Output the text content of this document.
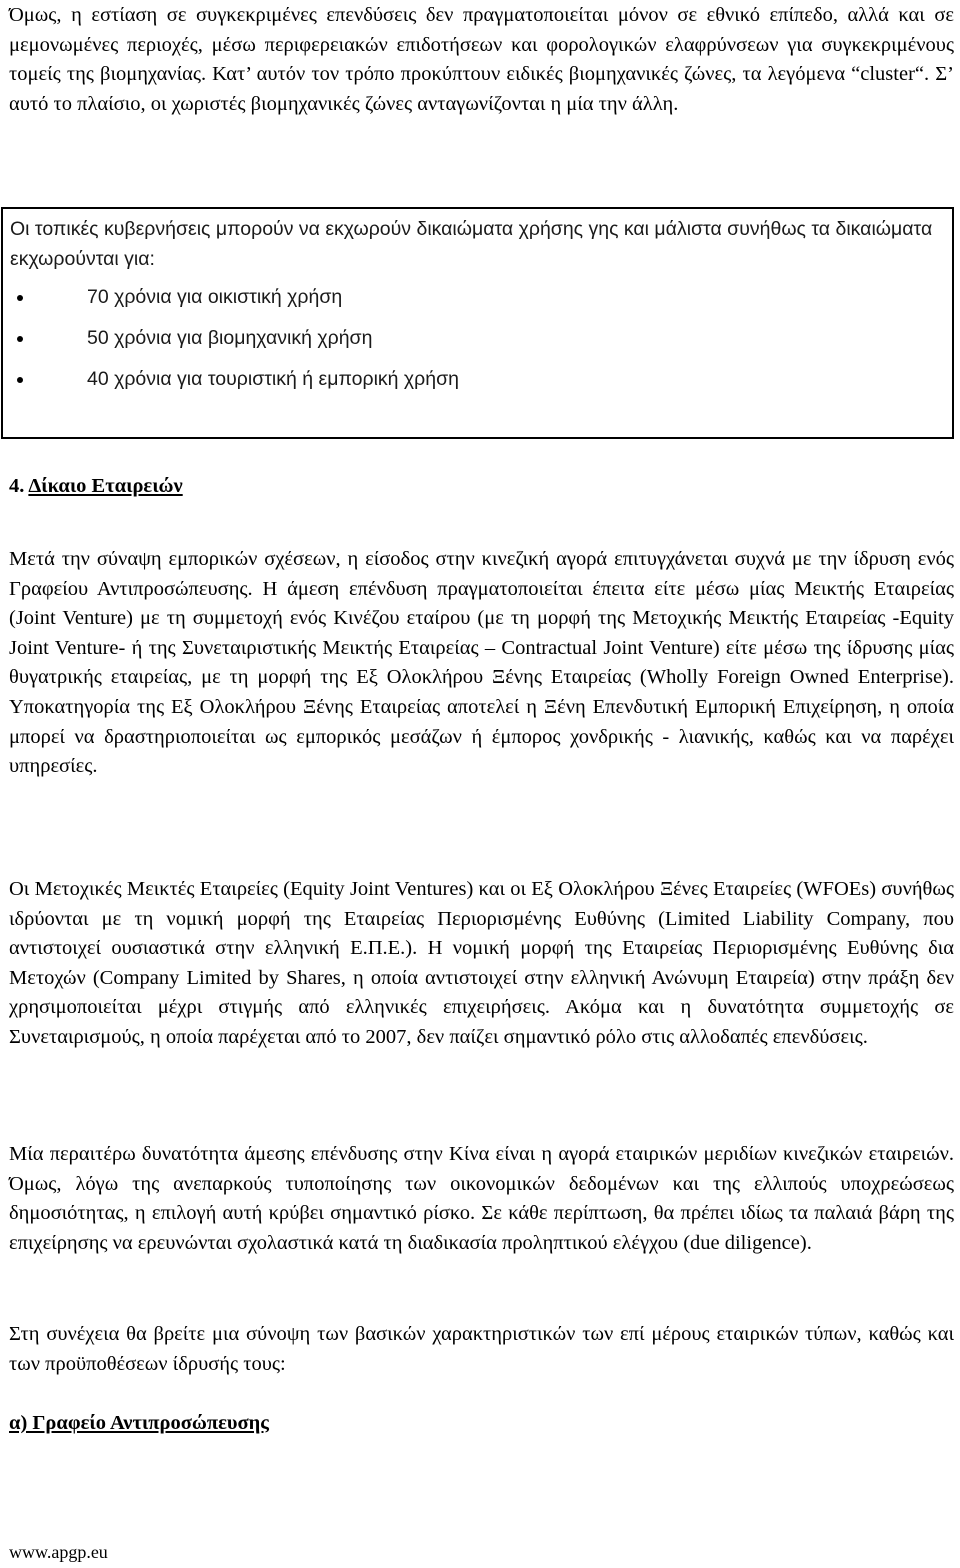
Όμως, η εστίαση σε συγκεκριμένες επενδύσεις δεν πραγματοποιείται μόνον σε εθνικό επίπεδο, αλλά και σε μεμονωμένες περιοχές, μέσω περιφερειακών επιδοτήσεων και φορολογικών ελαφρύνσεων για συγκεκριμένους τομείς της βιομηχανίας. Κατ’ αυτόν τον τρόπο προκύπτουν ειδικές βιομηχανικές ζώνες, τα λεγόμενα “cluster“. Σ’ αυτό το πλαίσιο, οι χωριστές βιομηχανικές ζώνες ανταγωνίζονται η μία την άλλη.

Οι τοπικές κυβερνήσεις μπορούν να εκχωρούν δικαιώματα χρήσης γης και μάλιστα συνήθως τα δικαιώματα εκχωρούνται για:

70 χρόνια για οικιστική χρήση
50 χρόνια για βιομηχανική χρήση
40 χρόνια για τουριστική ή εμπορική χρήση
4. Δίκαιο Εταιρειών

Μετά την σύναψη εμπορικών σχέσεων, η είσοδος στην κινεζική αγορά επιτυγχάνεται συχνά με την ίδρυση ενός Γραφείου Αντιπροσώπευσης. Η άμεση επένδυση πραγματοποιείται έπειτα είτε μέσω μίας Μεικτής Εταιρείας (Joint Venture) με τη συμμετοχή ενός Κινέζου εταίρου (με τη μορφή της Μετοχικής Μεικτής Εταιρείας -Equity Joint Venture- ή της Συνεταιριστικής Μεικτής Εταιρείας – Contractual Joint Venture) είτε μέσω της ίδρυσης μίας θυγατρικής εταιρείας, με τη μορφή της Εξ Ολοκλήρου Ξένης Εταιρείας (Wholly Foreign Owned Enterprise). Υποκατηγορία της Εξ Ολοκλήρου Ξένης Εταιρείας αποτελεί η Ξένη Επενδυτική Εμπορική Επιχείρηση, η οποία μπορεί να δραστηριοποιείται ως εμπορικός μεσάζων ή έμπορος χονδρικής - λιανικής, καθώς και να παρέχει υπηρεσίες.

Οι Μετοχικές Μεικτές Εταιρείες (Equity Joint Ventures) και οι Εξ Ολοκλήρου Ξένες Εταιρείες (WFOEs) συνήθως ιδρύονται με τη νομική μορφή της Εταιρείας Περιορισμένης Ευθύνης (Limited Liability Company, που αντιστοιχεί ουσιαστικά στην ελληνική Ε.Π.Ε.). Η νομική μορφή της Εταιρείας Περιορισμένης Ευθύνης δια Μετοχών (Company Limited by Shares, η οποία αντιστοιχεί στην ελληνική Ανώνυμη Εταιρεία) στην πράξη δεν χρησιμοποιείται μέχρι στιγμής από ελληνικές επιχειρήσεις. Ακόμα και η δυνατότητα συμμετοχής σε Συνεταιρισμούς, η οποία παρέχεται από το 2007, δεν παίζει σημαντικό ρόλο στις αλλοδαπές επενδύσεις.

Μία περαιτέρω δυνατότητα άμεσης επένδυσης στην Κίνα είναι η αγορά εταιρικών μεριδίων κινεζικών εταιρειών. Όμως, λόγω της ανεπαρκούς τυποποίησης των οικονομικών δεδομένων και της ελλιπούς υποχρεώσεως δημοσιότητας, η επιλογή αυτή κρύβει σημαντικό ρίσκο. Σε κάθε περίπτωση, θα πρέπει ιδίως τα παλαιά βάρη της επιχείρησης να ερευνώνται σχολαστικά κατά τη διαδικασία προληπτικού ελέγχου (due diligence).

Στη συνέχεια θα βρείτε μια σύνοψη των βασικών χαρακτηριστικών των επί μέρους εταιρικών τύπων, καθώς και των προϋποθέσεων ίδρυσής τους:

α) Γραφείο Αντιπροσώπευσης

www.apgp.eu
